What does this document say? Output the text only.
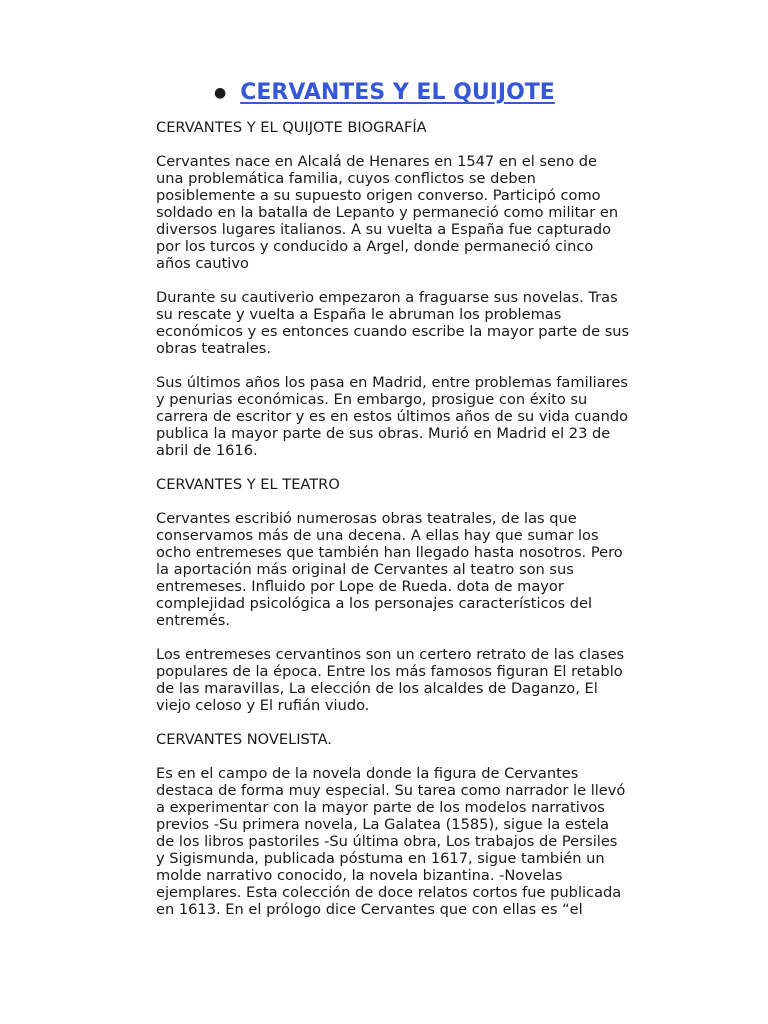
● CERVANTES Y EL QUIJOTE
CERVANTES Y EL QUIJOTE BIOGRAFÍA

Cervantes nace en Alcalá de Henares en 1547 en el seno de
una problemática familia, cuyos conflictos se deben
posiblemente a su supuesto origen converso. Participó como
soldado en la batalla de Lepanto y permaneció como militar en
diversos lugares italianos. A su vuelta a España fue capturado
por los turcos y conducido a Argel, donde permaneció cinco
años cautivo

Durante su cautiverio empezaron a fraguarse sus novelas. Tras
su rescate y vuelta a España le abruman los problemas
económicos y es entonces cuando escribe la mayor parte de sus
obras teatrales.

Sus últimos años los pasa en Madrid, entre problemas familiares
y penurias económicas. En embargo, prosigue con éxito su
carrera de escritor y es en estos últimos años de su vida cuando
publica la mayor parte de sus obras. Murió en Madrid el 23 de
abril de 1616.

CERVANTES Y EL TEATRO

Cervantes escribió numerosas obras teatrales, de las que
conservamos más de una decena. A ellas hay que sumar los
ocho entremeses que también han llegado hasta nosotros. Pero
la aportación más original de Cervantes al teatro son sus
entremeses. Influido por Lope de Rueda. dota de mayor
complejidad psicológica a los personajes característicos del
entremés.

Los entremeses cervantinos son un certero retrato de las clases
populares de la época. Entre los más famosos figuran El retablo
de las maravillas, La elección de los alcaldes de Daganzo, El
viejo celoso y El rufián viudo.

CERVANTES NOVELISTA.

Es en el campo de la novela donde la figura de Cervantes
destaca de forma muy especial. Su tarea como narrador le llevó
a experimentar con la mayor parte de los modelos narrativos
previos -Su primera novela, La Galatea (1585), sigue la estela
de los libros pastoriles -Su última obra, Los trabajos de Persiles
y Sigismunda, publicada póstuma en 1617, sigue también un
molde narrativo conocido, la novela bizantina. -Novelas
ejemplares. Esta colección de doce relatos cortos fue publicada
en 1613. En el prólogo dice Cervantes que con ellas es “el
